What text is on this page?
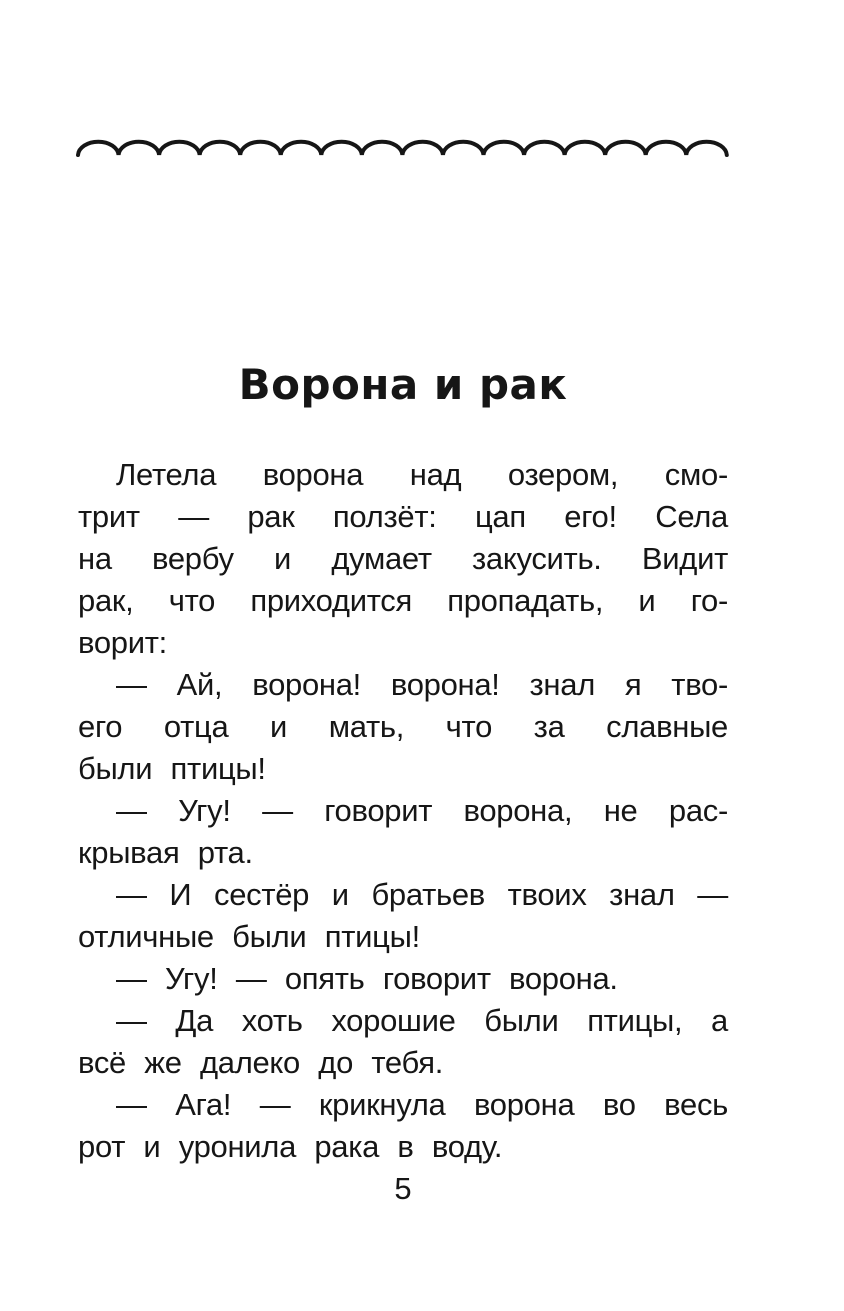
Ворона и рак
Летела ворона над озером, смо-
трит — рак ползёт: цап его! Села
на вербу и думает закусить. Видит
рак, что приходится пропадать, и го-
ворит:
— Ай, ворона! ворона! знал я тво-
его отца и мать, что за славные
были птицы!
— Угу! — говорит ворона, не рас-
крывая рта.
— И сестёр и братьев твоих знал —
отличные были птицы!
— Угу! — опять говорит ворона.
— Да хоть хорошие были птицы, а
всё же далеко до тебя.
— Ага! — крикнула ворона во весь
рот и уронила рака в воду.
5
